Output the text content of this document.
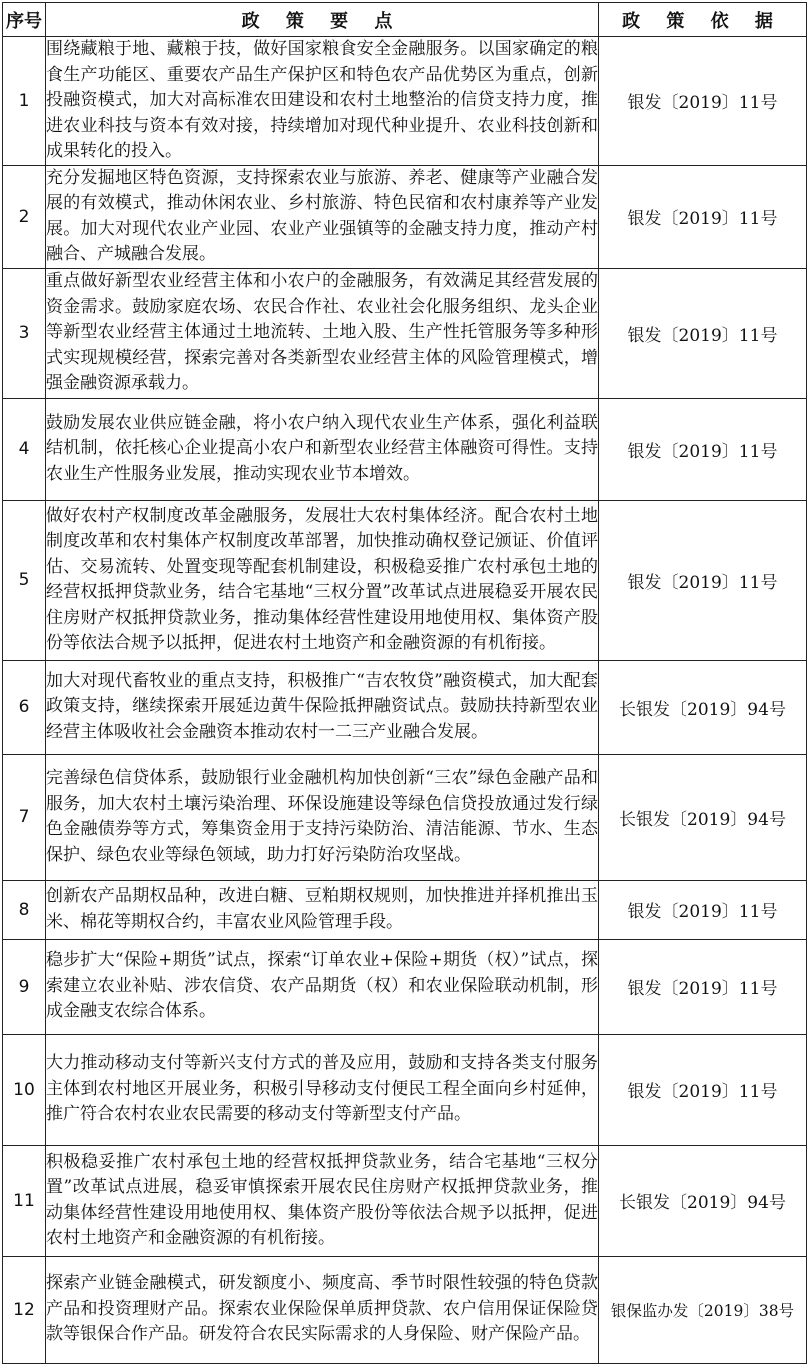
序号	政 策 要 点	政 策 依 据
1	围绕藏粮于地、藏粮于技，做好国家粮食安全金融服务。以国家确定的粮食生产功能区、重要农产品生产保护区和特色农产品优势区为重点，创新投融资模式，加大对高标准农田建设和农村土地整治的信贷支持力度，推进农业科技与资本有效对接，持续增加对现代种业提升、农业科技创新和成果转化的投入。	银发〔2019〕11号
2	充分发掘地区特色资源，支持探索农业与旅游、养老、健康等产业融合发展的有效模式，推动休闲农业、乡村旅游、特色民宿和农村康养等产业发展。加大对现代农业产业园、农业产业强镇等的金融支持力度，推动产村融合、产城融合发展。	银发〔2019〕11号
3	重点做好新型农业经营主体和小农户的金融服务，有效满足其经营发展的资金需求。鼓励家庭农场、农民合作社、农业社会化服务组织、龙头企业等新型农业经营主体通过土地流转、土地入股、生产性托管服务等多种形式实现规模经营，探索完善对各类新型农业经营主体的风险管理模式，增强金融资源承载力。	银发〔2019〕11号
4	鼓励发展农业供应链金融，将小农户纳入现代农业生产体系，强化利益联结机制，依托核心企业提高小农户和新型农业经营主体融资可得性。支持农业生产性服务业发展，推动实现农业节本增效。	银发〔2019〕11号
5	做好农村产权制度改革金融服务，发展壮大农村集体经济。配合农村土地制度改革和农村集体产权制度改革部署，加快推动确权登记颁证、价值评估、交易流转、处置变现等配套机制建设，积极稳妥推广农村承包土地的经营权抵押贷款业务，结合宅基地“三权分置”改革试点进展稳妥开展农民住房财产权抵押贷款业务，推动集体经营性建设用地使用权、集体资产股份等依法合规予以抵押，促进农村土地资产和金融资源的有机衔接。	银发〔2019〕11号
6	加大对现代畜牧业的重点支持，积极推广“吉农牧贷”融资模式，加大配套政策支持，继续探索开展延边黄牛保险抵押融资试点。鼓励扶持新型农业经营主体吸收社会金融资本推动农村一二三产业融合发展。	长银发〔2019〕94号
7	完善绿色信贷体系，鼓励银行业金融机构加快创新“三农”绿色金融产品和服务，加大农村土壤污染治理、环保设施建设等绿色信贷投放通过发行绿色金融债券等方式，筹集资金用于支持污染防治、清洁能源、节水、生态保护、绿色农业等绿色领域，助力打好污染防治攻坚战。	长银发〔2019〕94号
8	创新农产品期权品种，改进白糖、豆粕期权规则，加快推进并择机推出玉米、棉花等期权合约，丰富农业风险管理手段。	银发〔2019〕11号
9	稳步扩大“保险+期货”试点，探索“订单农业+保险+期货（权）”试点，探索建立农业补贴、涉农信贷、农产品期货（权）和农业保险联动机制，形成金融支农综合体系。	银发〔2019〕11号
10	大力推动移动支付等新兴支付方式的普及应用，鼓励和支持各类支付服务主体到农村地区开展业务，积极引导移动支付便民工程全面向乡村延伸，推广符合农村农业农民需要的移动支付等新型支付产品。	银发〔2019〕11号
11	积极稳妥推广农村承包土地的经营权抵押贷款业务，结合宅基地“三权分置”改革试点进展，稳妥审慎探索开展农民住房财产权抵押贷款业务，推动集体经营性建设用地使用权、集体资产股份等依法合规予以抵押，促进农村土地资产和金融资源的有机衔接。	长银发〔2019〕94号
12	探索产业链金融模式，研发额度小、频度高、季节时限性较强的特色贷款产品和投资理财产品。探索农业保险保单质押贷款、农户信用保证保险贷款等银保合作产品。研发符合农民实际需求的人身保险、财产保险产品。	银保监办发〔2019〕38号
